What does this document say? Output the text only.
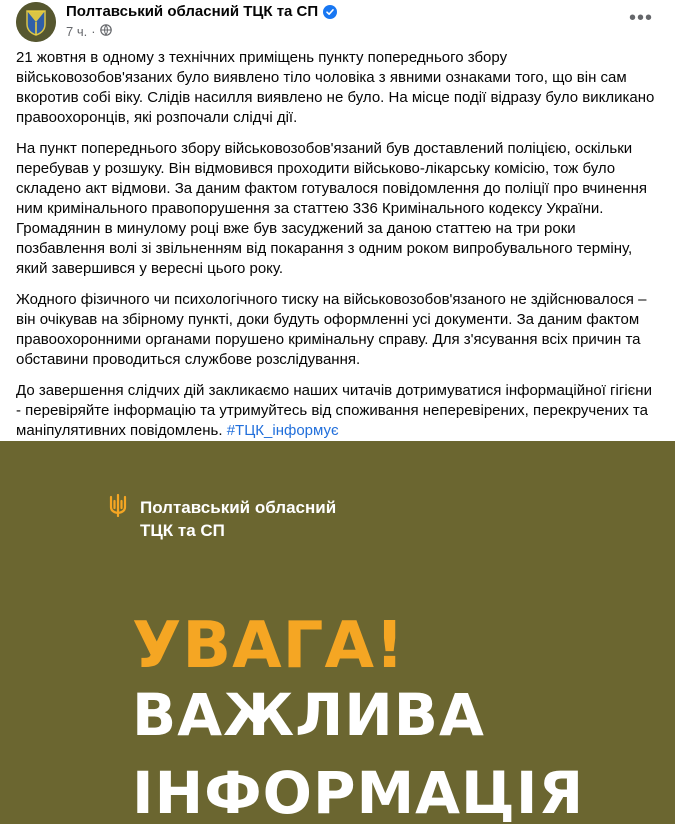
Полтавський обласний ТЦК та СП
7 ч. ·
•••

21 жовтня в одному з технічних приміщень пункту попереднього збору військовозобов'язаних було виявлено тіло чоловіка з явними ознаками того, що він сам вкоротив собі віку. Слідів насилля виявлено не було. На місце події відразу було викликано правоохоронців, які розпочали слідчі дії.

На пункт попереднього збору військовозобов'язаний був доставлений поліцією, оскільки перебував у розшуку. Він відмовився проходити військово-лікарську комісію, тож було складено акт відмови. За даним фактом готувалося повідомлення до поліції про вчинення ним кримінального правопорушення за статтею 336 Кримінального кодексу України. Громадянин в минулому році вже був засуджений за даною статтею на три роки позбавлення волі зі звільненням від покарання з одним роком випробувального терміну, який завершився у вересні цього року.

Жодного фізичного чи психологічного тиску на військовозобов'язаного не здійснювалося – він очікував на збірному пункті, доки будуть оформленні усі документи. За даним фактом правоохоронними органами порушено кримінальну справу. Для з'ясування всіх причин та обставини проводиться службове розслідування.

До завершення слідчих дій закликаємо наших читачів дотримуватися інформаційної гігієни - перевіряйте інформацію та утримуйтесь від споживання неперевірених, перекручених та маніпулятивних повідомлень. #ТЦК_інформує

Полтавський обласний
ТЦК та СП
УВАГА!
ВАЖЛИВА
ІНФОРМАЦІЯ
